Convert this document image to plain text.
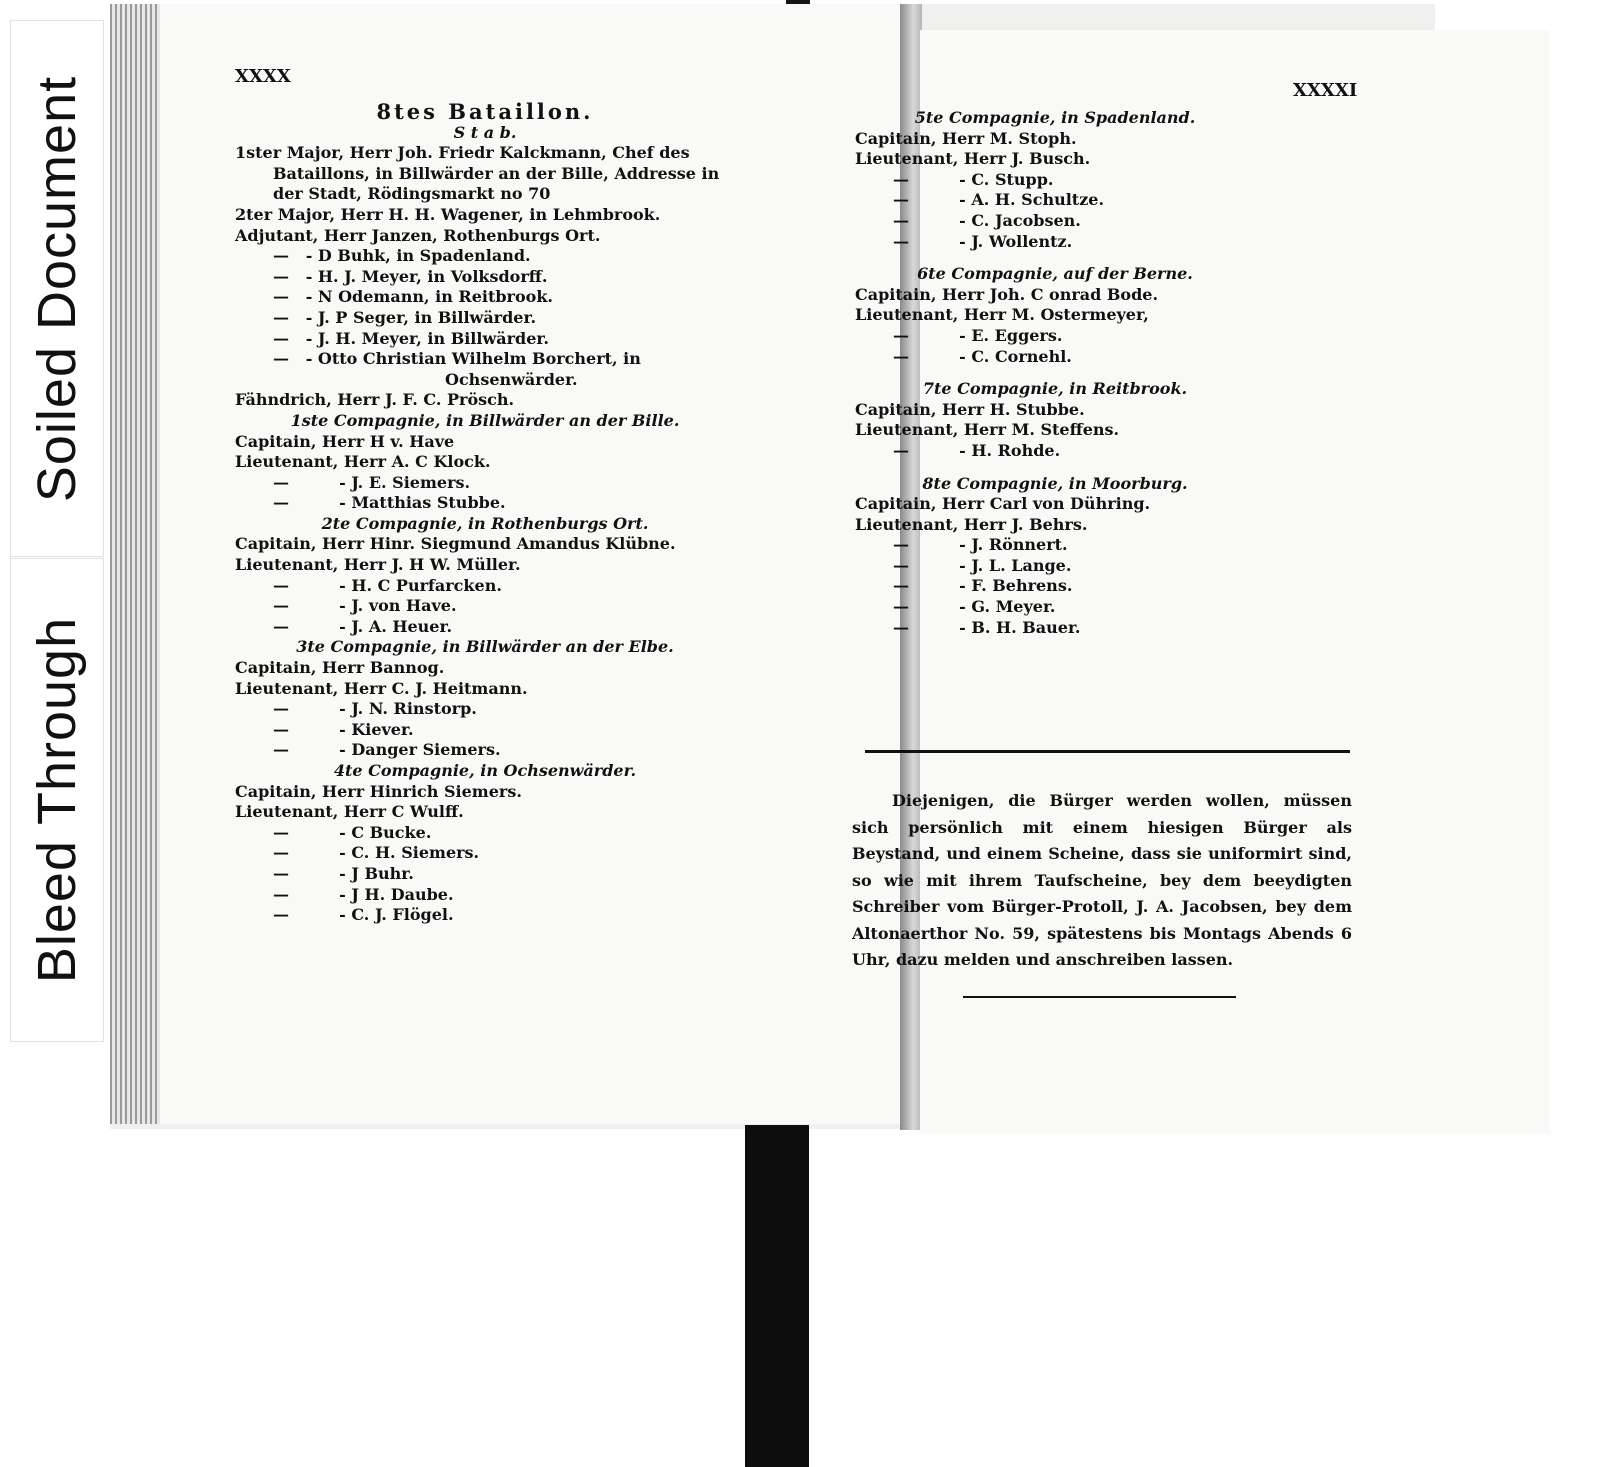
Soiled Document
Bleed Through
XXXX
XXXXI
8tes Bataillon.
S t a b.
1ster Major, Herr Joh. Friedr Kalckmann, Chef des
Bataillons, in Billwärder an der Bille, Addresse in
der Stadt, Rödingsmarkt no 70
2ter Major, Herr H. H. Wagener, in Lehmbrook.
Adjutant, Herr Janzen, Rothenburgs Ort.
—   - D Buhk, in Spadenland.
—   - H. J. Meyer, in Volksdorff.
—   - N Odemann, in Reitbrook.
—   - J. P Seger, in Billwärder.
—   - J. H. Meyer, in Billwärder.
—   - Otto Christian Wilhelm Borchert, in
Ochsenwärder.
Fähndrich, Herr J. F. C. Prösch.
1ste Compagnie, in Billwärder an der Bille.
Capitain, Herr H v. Have
Lieutenant, Herr A. C Klock.
—         - J. E. Siemers.
—         - Matthias Stubbe.
2te Compagnie, in Rothenburgs Ort.
Capitain, Herr Hinr. Siegmund Amandus Klübne.
Lieutenant, Herr J. H W. Müller.
—         - H. C Purfarcken.
—         - J. von Have.
—         - J. A. Heuer.
3te Compagnie, in Billwärder an der Elbe.
Capitain, Herr Bannog.
Lieutenant, Herr C. J. Heitmann.
—         - J. N. Rinstorp.
—         - Kiever.
—         - Danger Siemers.
4te Compagnie, in Ochsenwärder.
Capitain, Herr Hinrich Siemers.
Lieutenant, Herr C Wulff.
—         - C Bucke.
—         - C. H. Siemers.
—         - J Buhr.
—         - J H. Daube.
—         - C. J. Flögel.
5te Compagnie, in Spadenland.
Capitain, Herr M. Stoph.
Lieutenant, Herr J. Busch.
—         - C. Stupp.
—         - A. H. Schultze.
—         - C. Jacobsen.
—         - J. Wollentz.
6te Compagnie, auf der Berne.
Capitain, Herr Joh. C onrad Bode.
Lieutenant, Herr M. Ostermeyer,
—         - E. Eggers.
—         - C. Cornehl.
7te Compagnie, in Reitbrook.
Capitain, Herr H. Stubbe.
Lieutenant, Herr M. Steffens.
—         - H. Rohde.
8te Compagnie, in Moorburg.
Capitain, Herr Carl von Dühring.
Lieutenant, Herr J. Behrs.
—         - J. Rönnert.
—         - J. L. Lange.
—         - F. Behrens.
—         - G. Meyer.
—         - B. H. Bauer.

Diejenigen, die Bürger werden wollen, müssen sich persönlich mit einem hiesigen Bürger als Beystand, und einem Scheine, dass sie uniformirt sind, so wie mit ihrem Taufscheine, bey dem beeydigten Schreiber vom Bürger-Protoll, J. A. Jacobsen, bey dem Altonaerthor No. 59, spätestens bis Montags Abends 6 Uhr, dazu melden und anschreiben lassen.
